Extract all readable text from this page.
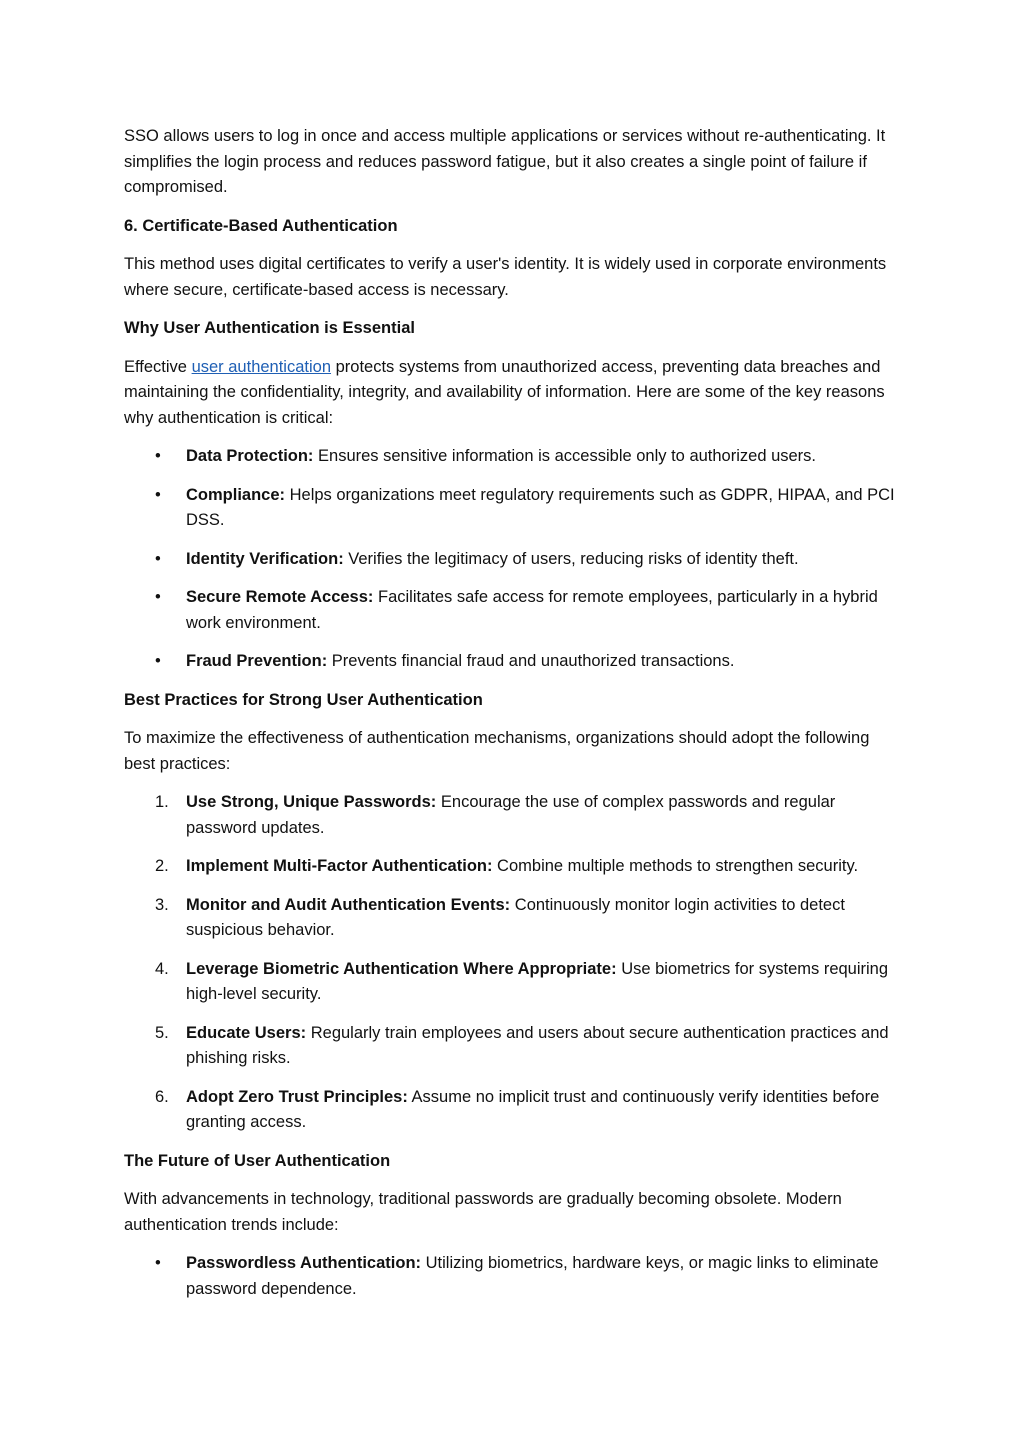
SSO allows users to log in once and access multiple applications or services without re-authenticating. It simplifies the login process and reduces password fatigue, but it also creates a single point of failure if compromised.

6. Certificate-Based Authentication

This method uses digital certificates to verify a user's identity. It is widely used in corporate environments where secure, certificate-based access is necessary.

Why User Authentication is Essential

Effective user authentication protects systems from unauthorized access, preventing data breaches and maintaining the confidentiality, integrity, and availability of information. Here are some of the key reasons why authentication is critical:

•	Data Protection: Ensures sensitive information is accessible only to authorized users.
•	Compliance: Helps organizations meet regulatory requirements such as GDPR, HIPAA, and PCI DSS.
•	Identity Verification: Verifies the legitimacy of users, reducing risks of identity theft.
•	Secure Remote Access: Facilitates safe access for remote employees, particularly in a hybrid work environment.
•	Fraud Prevention: Prevents financial fraud and unauthorized transactions.

Best Practices for Strong User Authentication

To maximize the effectiveness of authentication mechanisms, organizations should adopt the following best practices:

1.	Use Strong, Unique Passwords: Encourage the use of complex passwords and regular password updates.
2.	Implement Multi-Factor Authentication: Combine multiple methods to strengthen security.
3.	Monitor and Audit Authentication Events: Continuously monitor login activities to detect suspicious behavior.
4.	Leverage Biometric Authentication Where Appropriate: Use biometrics for systems requiring high-level security.
5.	Educate Users: Regularly train employees and users about secure authentication practices and phishing risks.
6.	Adopt Zero Trust Principles: Assume no implicit trust and continuously verify identities before granting access.

The Future of User Authentication

With advancements in technology, traditional passwords are gradually becoming obsolete. Modern authentication trends include:

•	Passwordless Authentication: Utilizing biometrics, hardware keys, or magic links to eliminate password dependence.
